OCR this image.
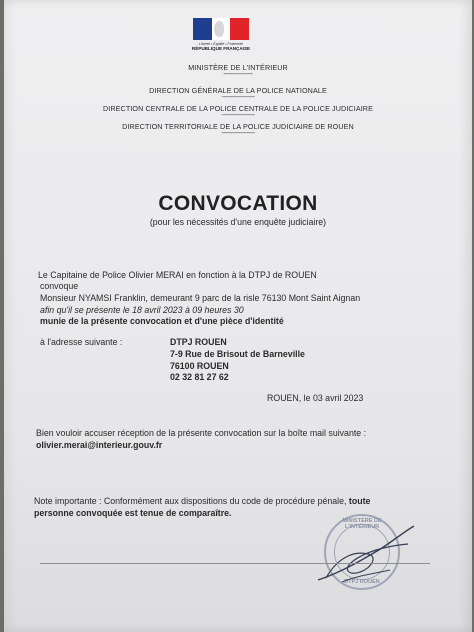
Liberté • Égalité • Fraternité
RÉPUBLIQUE FRANÇAISE
MINISTÈRE DE L'INTÉRIEUR
----------------
DIRECTION GÉNÉRALE DE LA POLICE NATIONALE
------------------
DIRECTION CENTRALE DE LA POLICE CENTRALE DE LA POLICE JUDICIAIRE
------------------
DIRECTION TERRITORIALE DE LA POLICE JUDICIAIRE DE ROUEN
------------------
CONVOCATION
(pour les nécessités d'une enquête judiciaire)
Le Capitaine de Police Olivier MERAI en fonction à la DTPJ de ROUEN
convoque
Monsieur NYAMSI Franklin, demeurant 9 parc de la risle 76130 Mont Saint Aignan
afin qu'il se présente le 18 avril 2023 à 09 heures 30
munie de la présente convocation et d'une pièce d'identité
à l'adresse suivante :	DTPJ ROUEN
7-9 Rue de Brisout de Barneville
76100 ROUEN
02 32 81 27 62
ROUEN, le 03 avril 2023
Bien vouloir accuser réception de la présente convocation sur la boîte mail suivante :
olivier.merai@interieur.gouv.fr
Note importante : Conformément aux dispositions du code de procédure pénale, toute
personne convoquée est tenue de comparaître.
MINISTÈRE DE L'INTÉRIEUR
DTPJ ROUEN
